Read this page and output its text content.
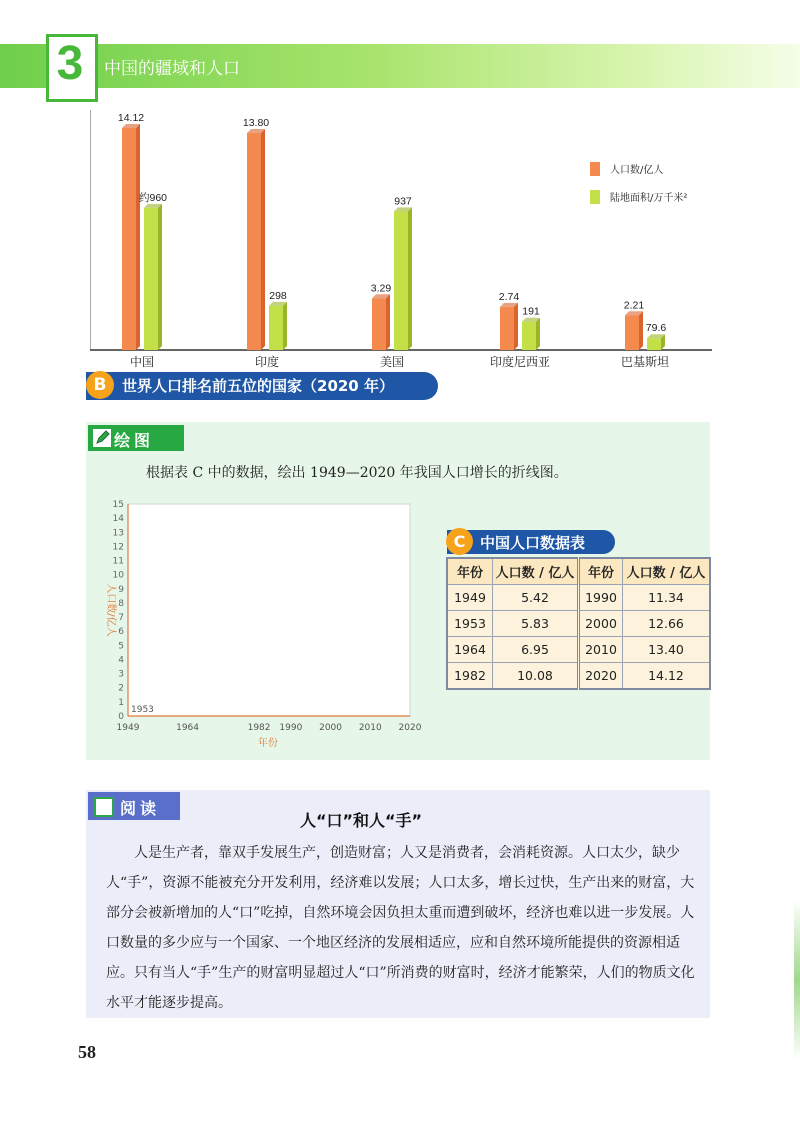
3	中国的疆域和人口
14.12
约960
中国
13.80
298
印度
3.29
937
美国
2.74
191
印度尼西亚
2.21
79.6
巴基斯坦
人口数/亿人
陆地面积/万千米²
B	世界人口排名前五位的国家（2020 年）
绘图
根据表 C 中的数据，绘出 1949—2020 年我国人口增长的折线图。
0
1
2
3
4
5
6
7
8
9
10
11
12
13
14
15
1949	1964	1982 1990 2000 2010 2020
1953
年份
人口数/亿人
C 中国人口数据表
年份	人口数 / 亿人	年份	人口数 / 亿人
1949	5.42	1990	11.34
1953	5.83	2000	12.66
1964	6.95	2010	13.40
1982	10.08	2020	14.12
阅读
人“口”和人“手”
人是生产者，靠双手发展生产，创造财富；人又是消费者，会消耗资源。人口太少，缺少人“手”，资源不能被充分开发利用，经济难以发展；人口太多，增长过快，生产出来的财富，大部分会被新增加的人“口”吃掉，自然环境会因负担太重而遭到破坏，经济也难以进一步发展。人口数量的多少应与一个国家、一个地区经济的发展相适应，应和自然环境所能提供的资源相适应。只有当人“手”生产的财富明显超过人“口”所消费的财富时，经济才能繁荣，人们的物质文化水平才能逐步提高。
58
